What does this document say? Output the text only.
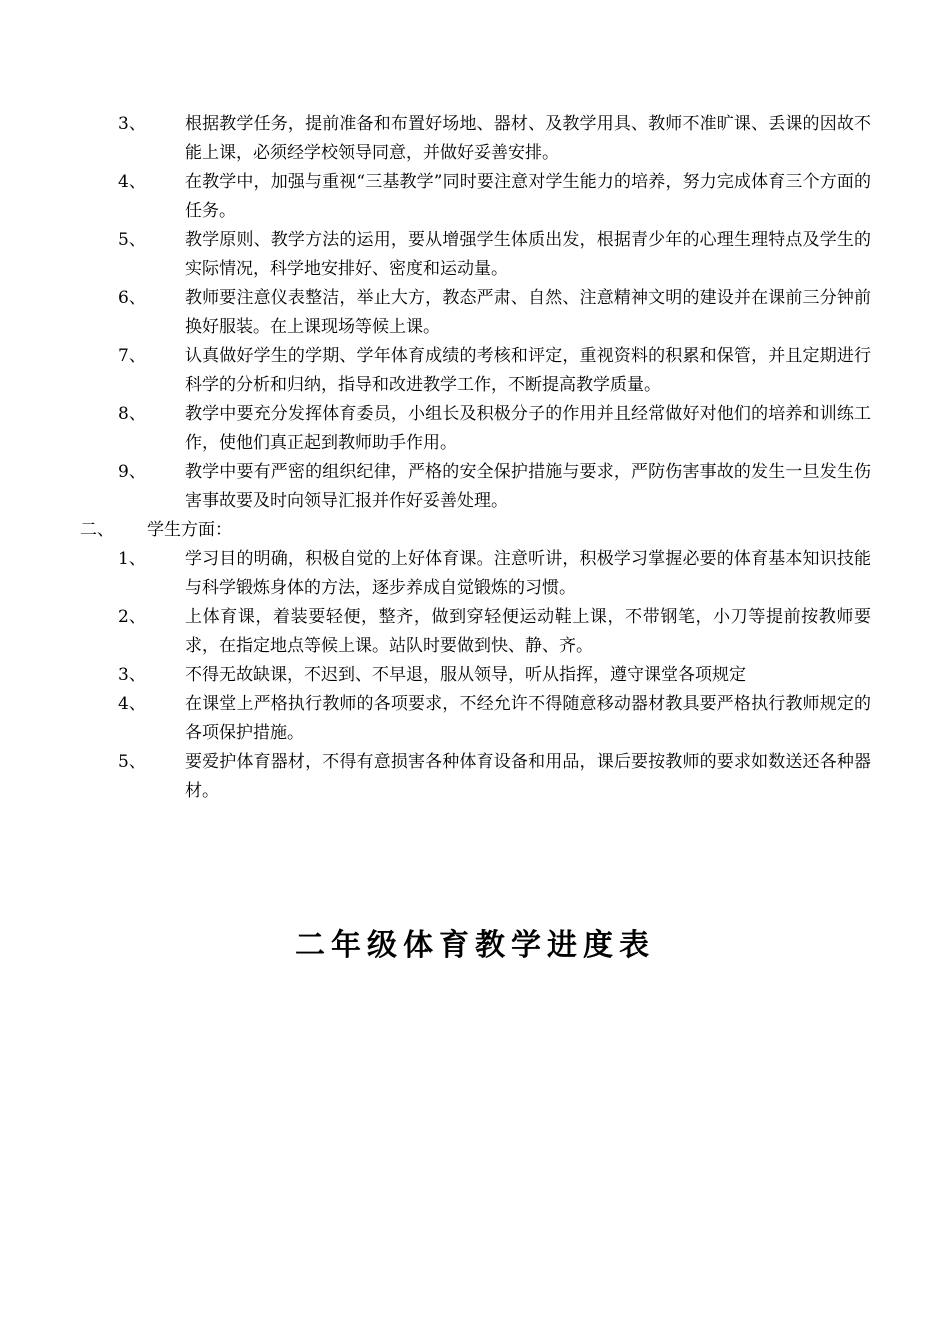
3、 根据教学任务，提前准备和布置好场地、器材、及教学用具、教师不准旷课、丢课的因故不能上课，必须经学校领导同意，并做好妥善安排。
4、 在教学中，加强与重视“三基教学”同时要注意对学生能力的培养，努力完成体育三个方面的任务。
5、 教学原则、教学方法的运用，要从增强学生体质出发，根据青少年的心理生理特点及学生的实际情况，科学地安排好、密度和运动量。
6、 教师要注意仪表整洁，举止大方，教态严肃、自然、注意精神文明的建设并在课前三分钟前换好服装。在上课现场等候上课。
7、 认真做好学生的学期、学年体育成绩的考核和评定，重视资料的积累和保管，并且定期进行科学的分析和归纳，指导和改进教学工作，不断提高教学质量。
8、 教学中要充分发挥体育委员，小组长及积极分子的作用并且经常做好对他们的培养和训练工作，使他们真正起到教师助手作用。
9、 教学中要有严密的组织纪律，严格的安全保护措施与要求，严防伤害事故的发生一旦发生伤害事故要及时向领导汇报并作好妥善处理。
二、 学生方面：
1、 学习目的明确，积极自觉的上好体育课。注意听讲，积极学习掌握必要的体育基本知识技能与科学锻炼身体的方法，逐步养成自觉锻炼的习惯。
2、 上体育课，着装要轻便，整齐，做到穿轻便运动鞋上课，不带钢笔，小刀等提前按教师要求，在指定地点等候上课。站队时要做到快、静、齐。
3、 不得无故缺课，不迟到、不早退，服从领导，听从指挥，遵守课堂各项规定
4、 在课堂上严格执行教师的各项要求，不经允许不得随意移动器材教具要严格执行教师规定的各项保护措施。
5、 要爱护体育器材，不得有意损害各种体育设备和用品，课后要按教师的要求如数送还各种器材。
二年级体育教学进度表
